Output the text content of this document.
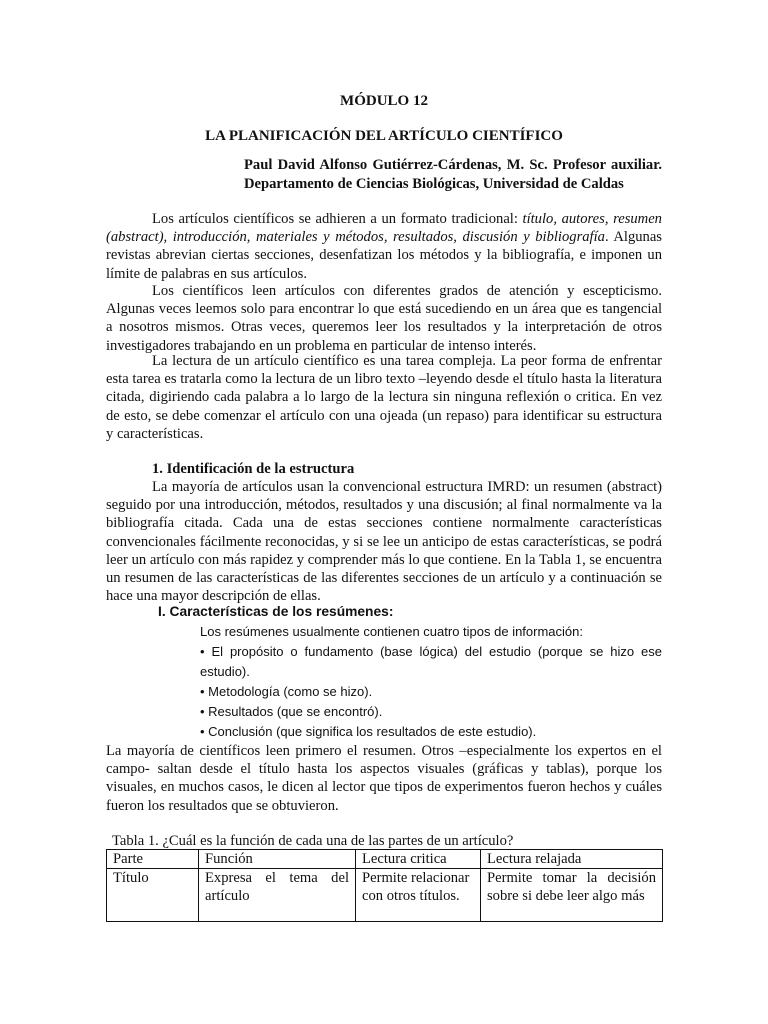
MÓDULO 12
LA PLANIFICACIÓN DEL ARTÍCULO CIENTÍFICO
Paul David Alfonso Gutiérrez-Cárdenas, M. Sc. Profesor auxiliar. Departamento de Ciencias Biológicas, Universidad de Caldas
Los artículos científicos se adhieren a un formato tradicional: título, autores, resumen (abstract), introducción, materiales y métodos, resultados, discusión y bibliografía. Algunas revistas abrevian ciertas secciones, desenfatizan los métodos y la bibliografía, e imponen un límite de palabras en sus artículos.
Los científicos leen artículos con diferentes grados de atención y escepticismo. Algunas veces leemos solo para encontrar lo que está sucediendo en un área que es tangencial a nosotros mismos. Otras veces, queremos leer los resultados y la interpretación de otros investigadores trabajando en un problema en particular de intenso interés.
La lectura de un artículo científico es una tarea compleja. La peor forma de enfrentar esta tarea es tratarla como la lectura de un libro texto –leyendo desde el título hasta la literatura citada, digiriendo cada palabra a lo largo de la lectura sin ninguna reflexión o critica. En vez de esto, se debe comenzar el artículo con una ojeada (un repaso) para identificar su estructura y características.
1. Identificación de la estructura
La mayoría de artículos usan la convencional estructura IMRD: un resumen (abstract) seguido por una introducción, métodos, resultados y una discusión; al final normalmente va la bibliografía citada. Cada una de estas secciones contiene normalmente características convencionales fácilmente reconocidas, y si se lee un anticipo de estas características, se podrá leer un artículo con más rapidez y comprender más lo que contiene. En la Tabla 1, se encuentra un resumen de las características de las diferentes secciones de un artículo y a continuación se hace una mayor descripción de ellas.
I. Características de los resúmenes:
Los resúmenes usualmente contienen cuatro tipos de información:
• El propósito o fundamento (base lógica) del estudio (porque se hizo ese estudio).
• Metodología (como se hizo).
• Resultados (que se encontró).
• Conclusión (que significa los resultados de este estudio).
La mayoría de científicos leen primero el resumen. Otros –especialmente los expertos en el campo- saltan desde el título hasta los aspectos visuales (gráficas y tablas), porque los visuales, en muchos casos, le dicen al lector que tipos de experimentos fueron hechos y cuáles fueron los resultados que se obtuvieron.
Tabla 1. ¿Cuál es la función de cada una de las partes de un artículo?
Parte	Función	Lectura critica	Lectura relajada
Título	Expresa el tema del artículo	Permite relacionar con otros títulos.	Permite tomar la decisión sobre si debe leer algo más
